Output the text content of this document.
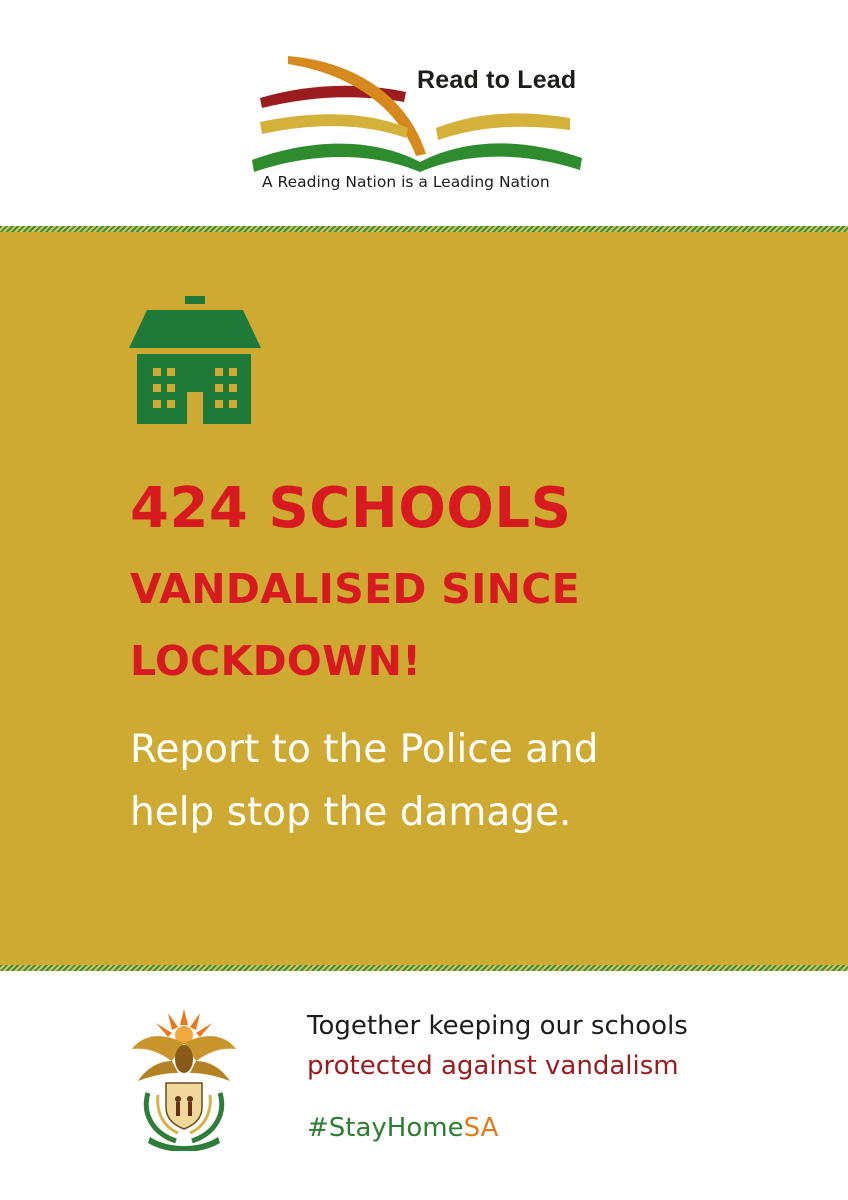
Read to Lead
A Reading Nation is a Leading Nation
424 SCHOOLS
VANDALISED SINCE
LOCKDOWN!
Report to the Police and
help stop the damage.
Together keeping our schools
protected against vandalism
#StayHomeSA
